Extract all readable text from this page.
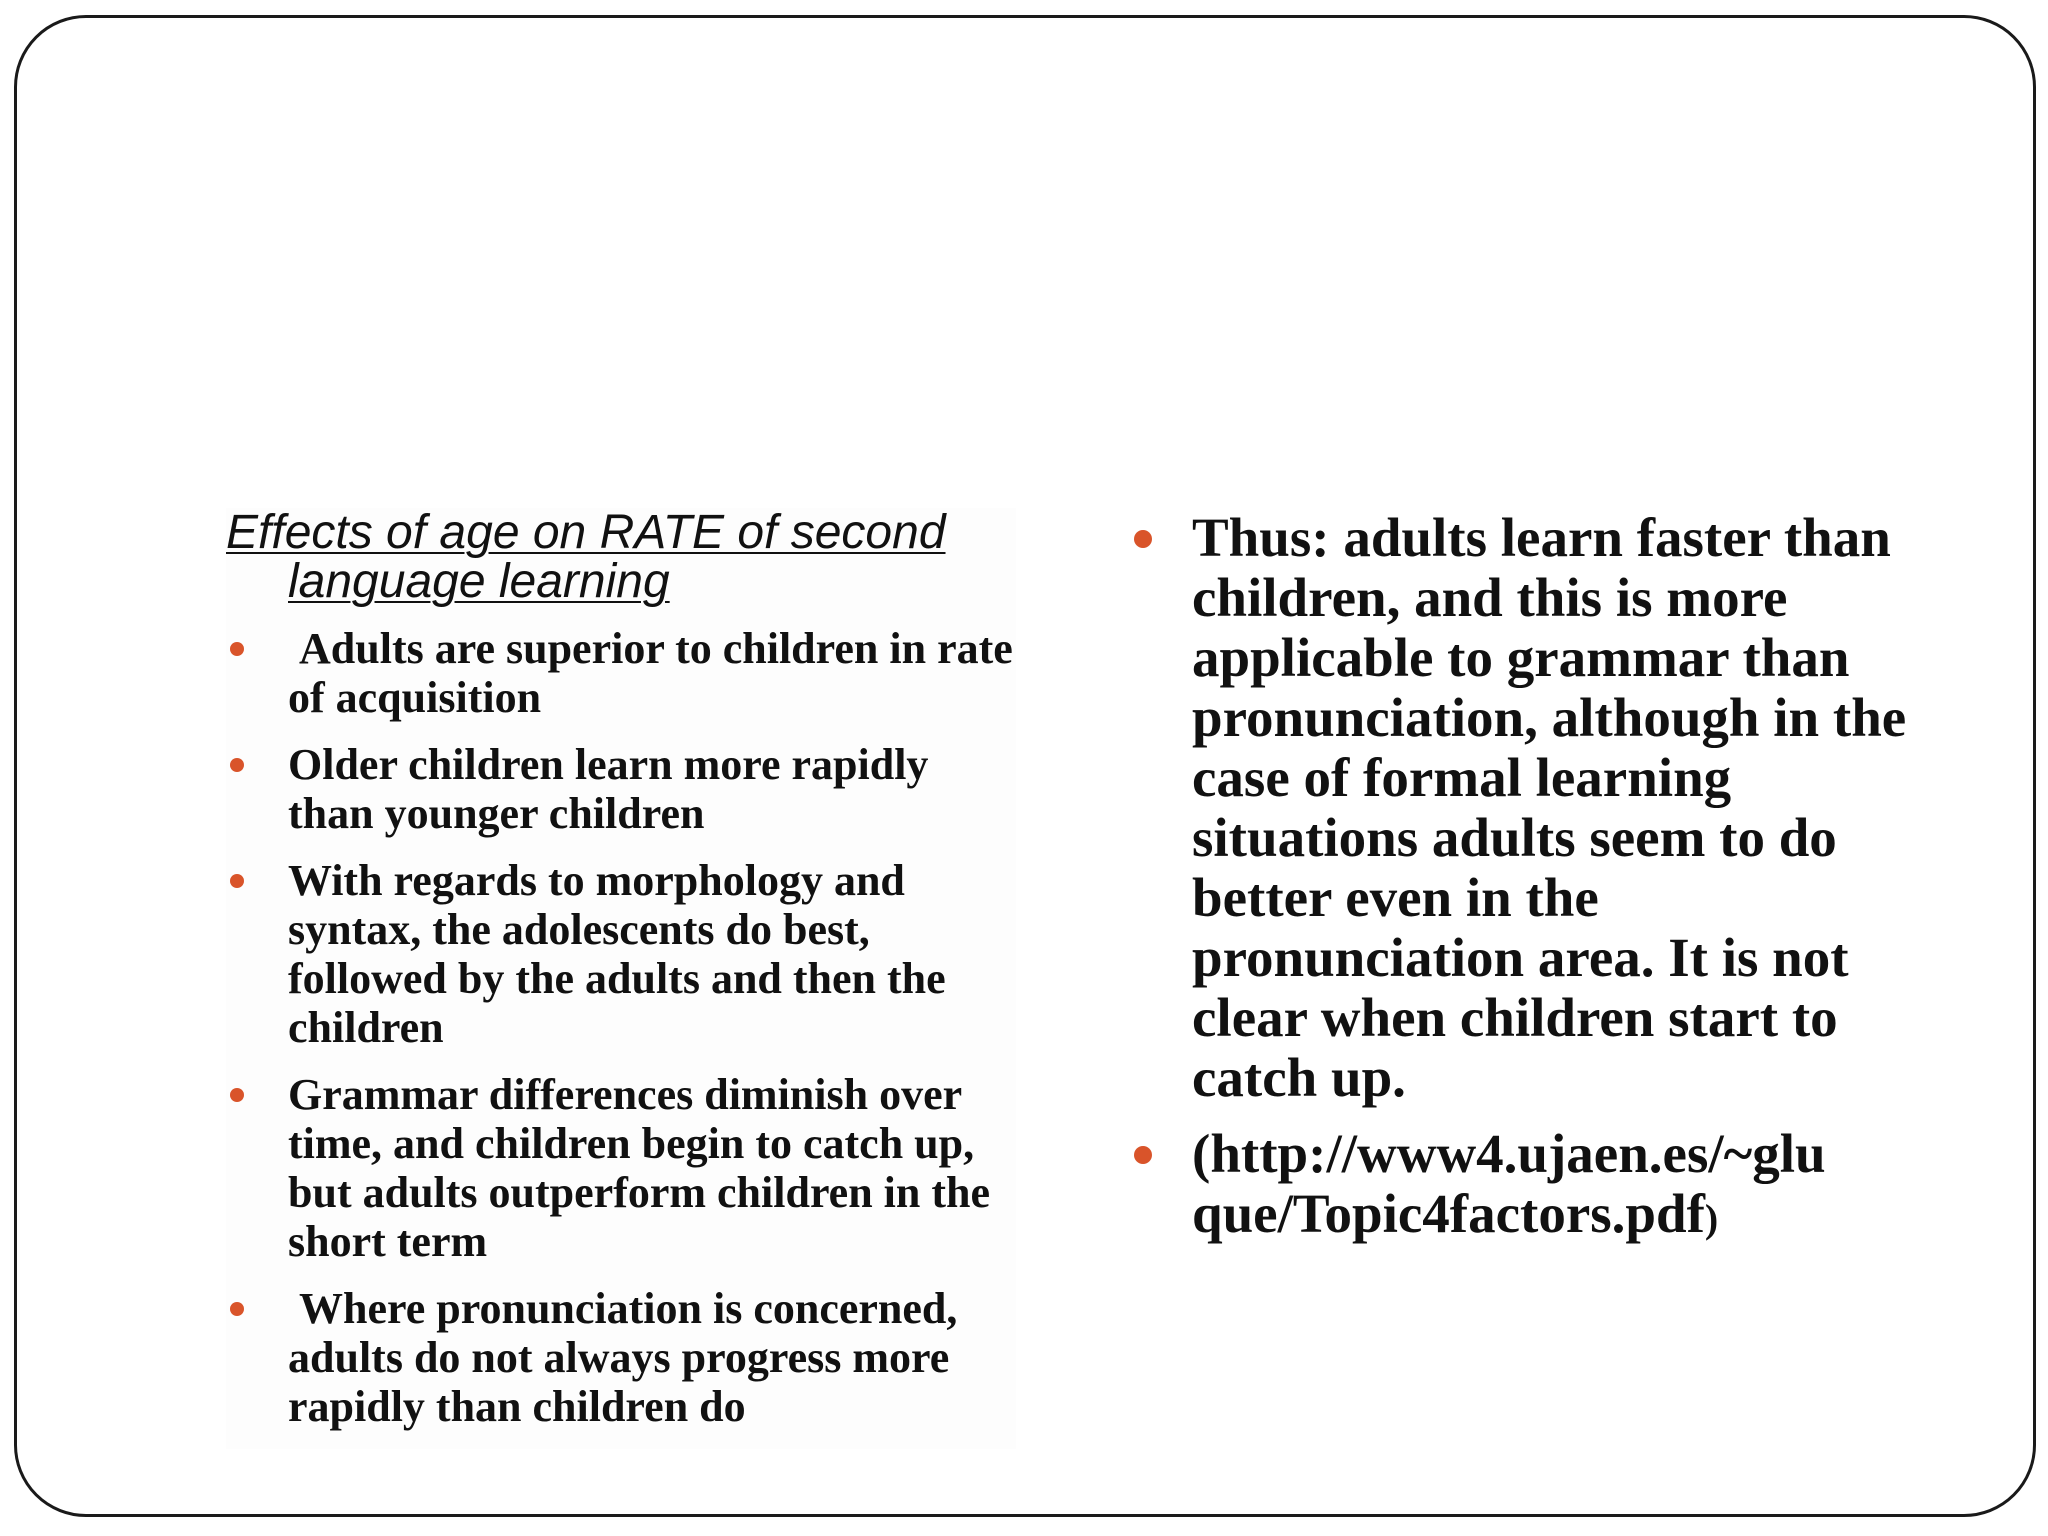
Effects of age on RATE of second language learning
Adults are superior to children in rate of acquisition
Older children learn more rapidly than younger children
With regards to morphology and syntax, the adolescents do best, followed by the adults and then the children
Grammar differences diminish over time, and children begin to catch up, but adults outperform children in the short term
Where pronunciation is concerned, adults do not always progress more rapidly than children do
Thus: adults learn faster than children, and this is more applicable to grammar than pronunciation, although in the case of formal learning situations adults seem to do better even in the pronunciation area. It is not clear when children start to catch up.
(http://www4.ujaen.es/~glu que/Topic4factors.pdf)
